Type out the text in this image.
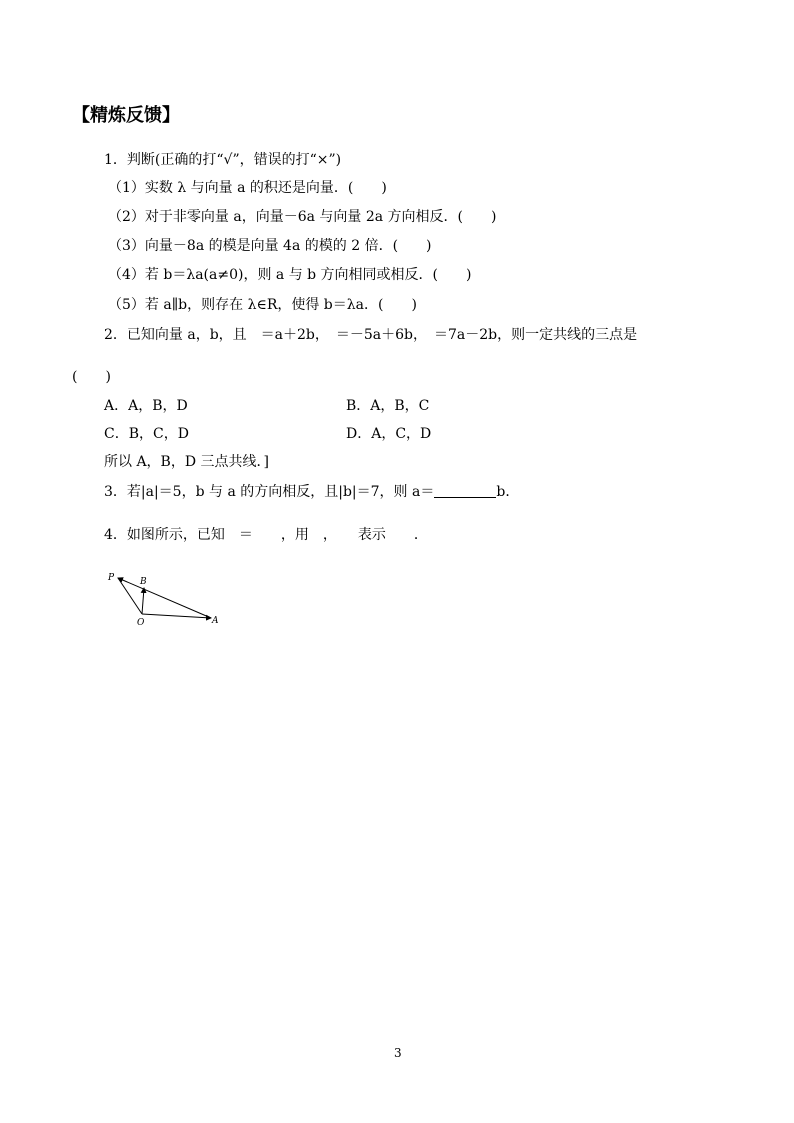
【精炼反馈】
1．判断(正确的打“√”，错误的打“×”)
（1）实数 λ 与向量 a 的积还是向量．(　　)
（2）对于非零向量 a，向量－6a 与向量 2a 方向相反．(　　)
（3）向量－8a 的模是向量 4a 的模的 2 倍．(　　)
（4）若 b＝λa(a≠0)，则 a 与 b 方向相同或相反．(　　)
（5）若 a∥b，则存在 λ∈R，使得 b＝λa．(　　)
2．已知向量 a，b，且　＝a＋2b，　＝－5a＋6b，　＝7a－2b，则一定共线的三点是
(　　)
A．A，B，D	B．A，B，C
C．B，C，D	D．A，C，D
所以 A，B，D 三点共线．]
3．若|a|＝5，b 与 a 的方向相反，且|b|＝7，则 a＝	b．
4．如图所示，已知　＝　　，用　，　　表示　　．
P	B
O	A
3
